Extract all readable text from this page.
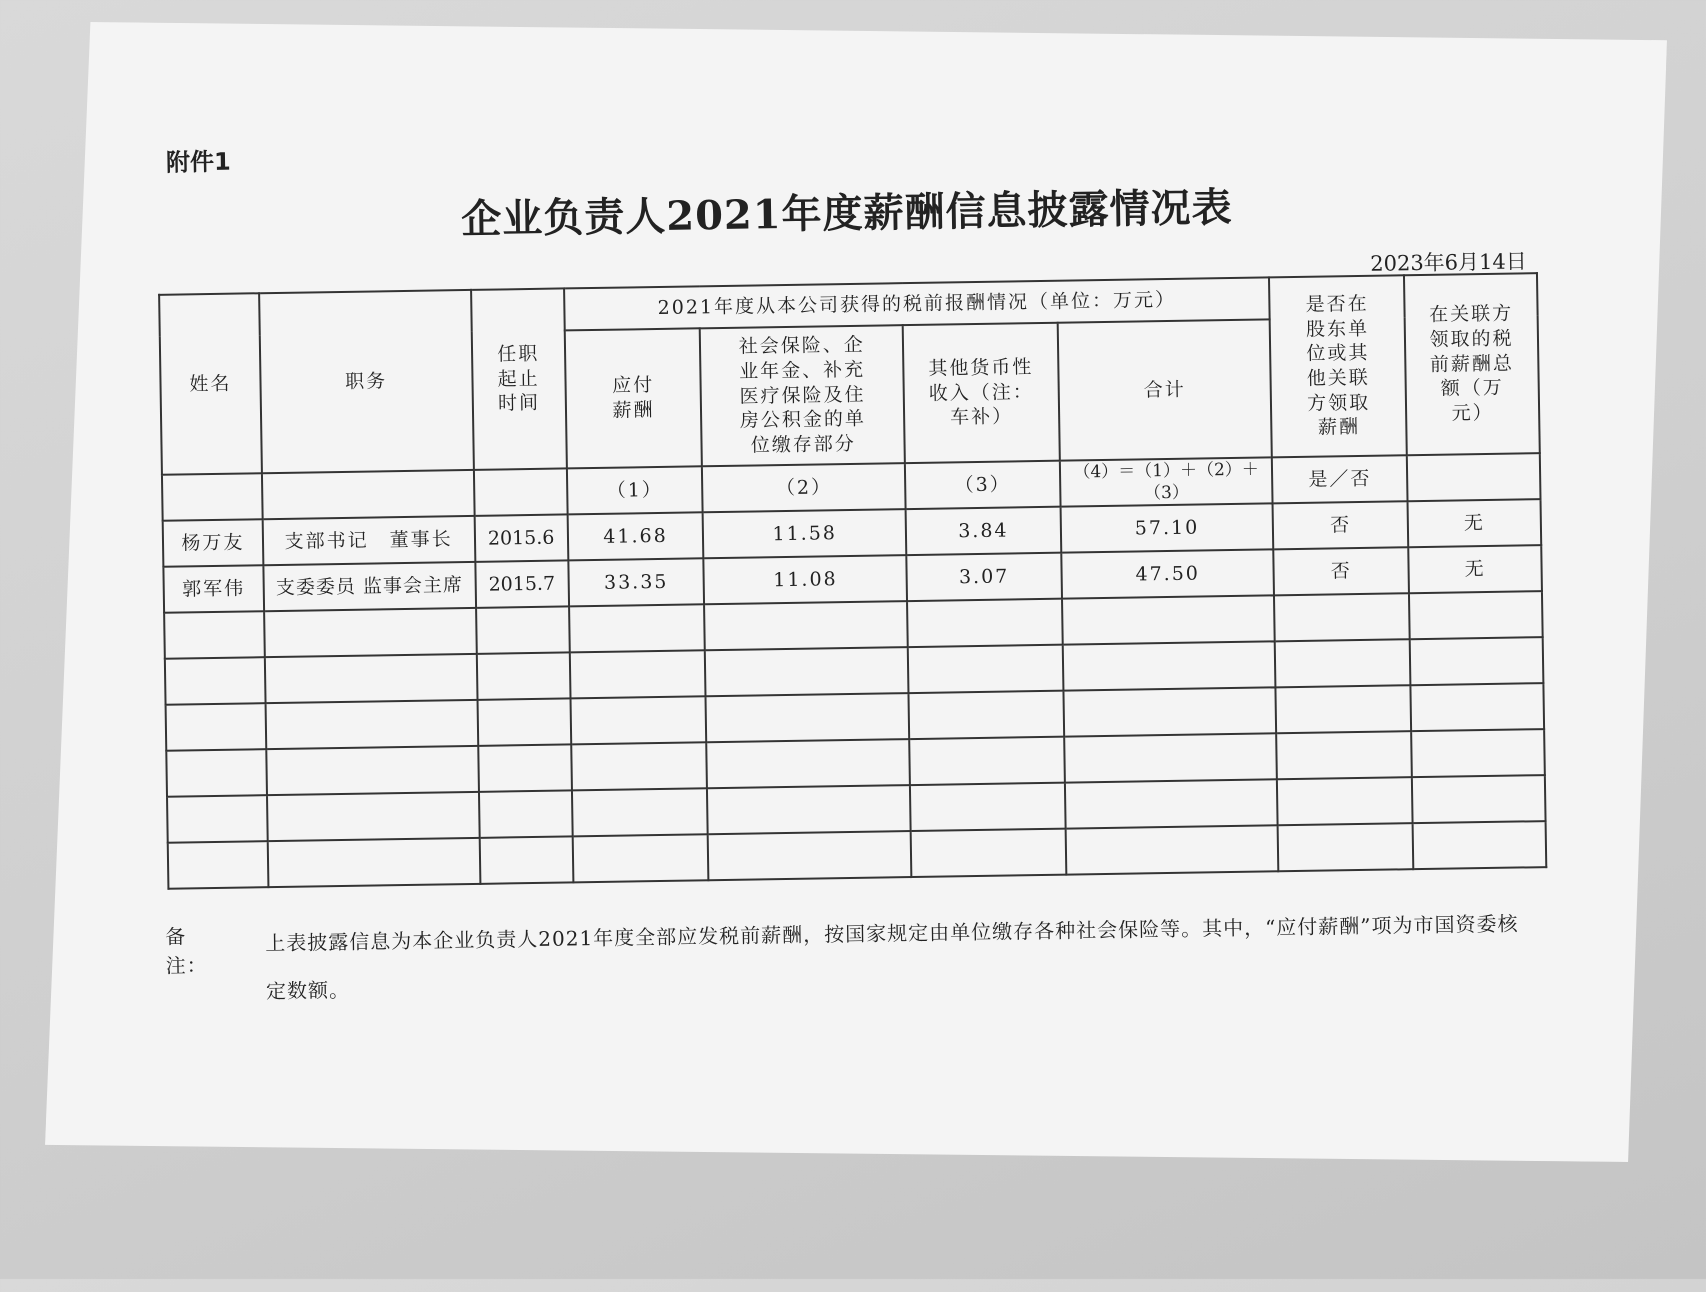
附件1
企业负责人2021年度薪酬信息披露情况表
2023年6月14日
姓名	职务	任职起止时间	2021年度从本公司获得的税前报酬情况（单位：万元）				是否在股东单位或其他关联方领取薪酬	在关联方领取的税前薪酬总额（万元）
			应付薪酬	社会保险、企业年金、补充医疗保险及住房公积金的单位缴存部分	其他货币性收入（注：车补）	合计		
			（1）	（2）	（3）	（4）＝（1）＋（2）＋（3）	是／否	
杨万友	支部书记　董事长	2015.6	41.68	11.58	3.84	57.10	否	无
郭军伟	支委委员 监事会主席	2015.7	33.35	11.08	3.07	47.50	否	无

备注：
上表披露信息为本企业负责人2021年度全部应发税前薪酬，按国家规定由单位缴存各种社会保险等。其中，“应付薪酬”项为市国资委核定数额。
